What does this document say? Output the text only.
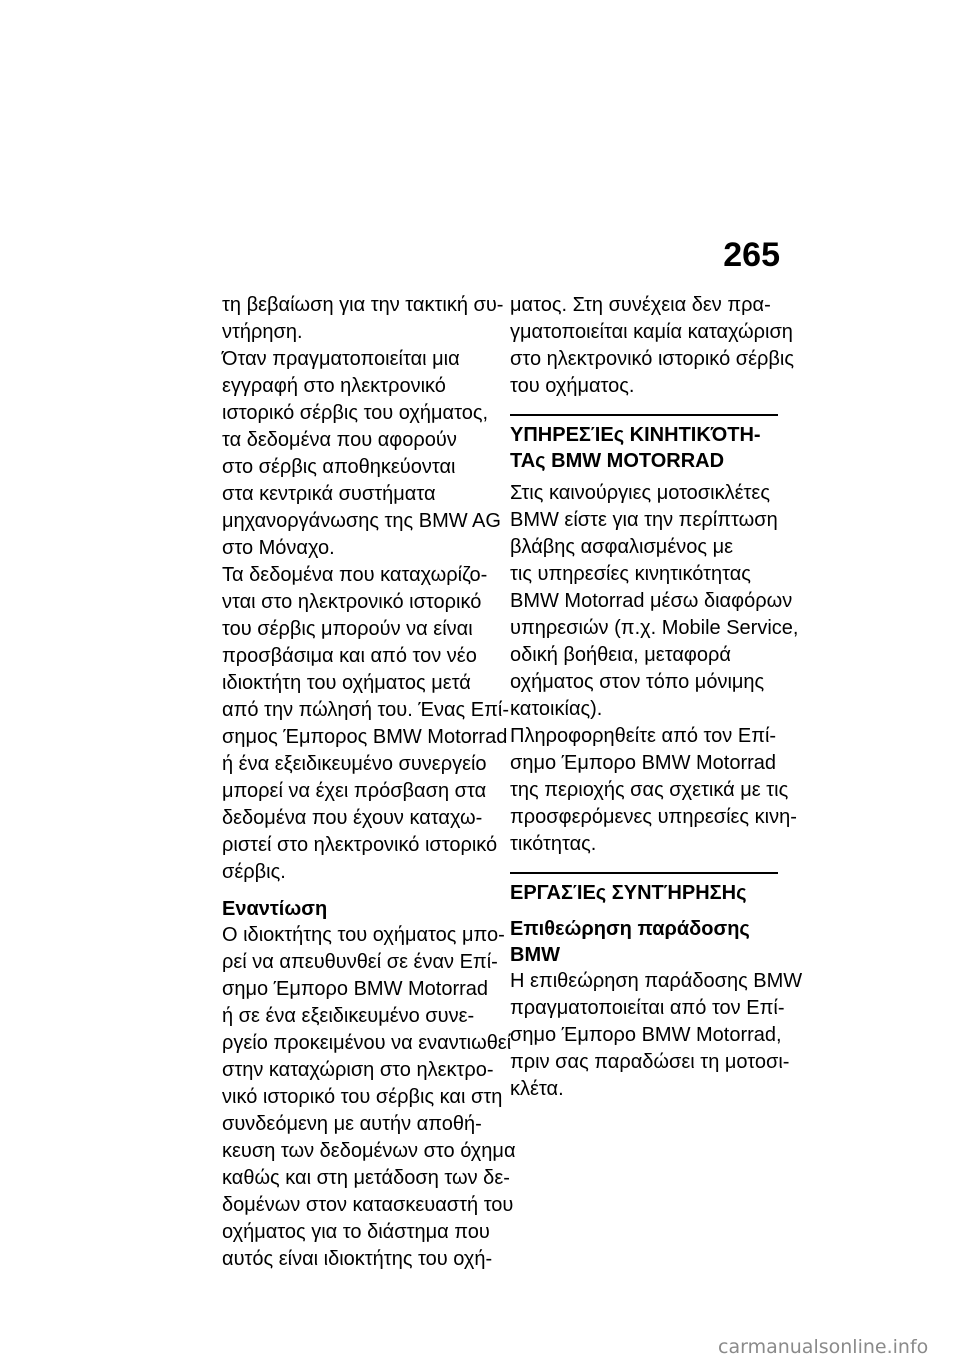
265
τη βεβαίωση για την τακτική συ-
ντήρηση.
Όταν πραγματοποιείται μια
εγγραφή στο ηλεκτρονικό
ιστορικό σέρβις του οχήματος,
τα δεδομένα που αφορούν
στο σέρβις αποθηκεύονται
στα κεντρικά συστήματα
μηχανοργάνωσης της BMW AG
στο Μόναχο.
Τα δεδομένα που καταχωρίζο-
νται στο ηλεκτρονικό ιστορικό
του σέρβις μπορούν να είναι
προσβάσιμα και από τον νέο
ιδιοκτήτη του οχήματος μετά
από την πώλησή του. Ένας Επί-
σημος Έμπορος BMW Motorrad
ή ένα εξειδικευμένο συνεργείο
μπορεί να έχει πρόσβαση στα
δεδομένα που έχουν καταχω-
ριστεί στο ηλεκτρονικό ιστορικό
σέρβις.
Εναντίωση
Ο ιδιοκτήτης του οχήματος μπο-
ρεί να απευθυνθεί σε έναν Επί-
σημο Έμπορο BMW Motorrad
ή σε ένα εξειδικευμένο συνε-
ργείο προκειμένου να εναντιωθεί
στην καταχώριση στο ηλεκτρο-
νικό ιστορικό του σέρβις και στη
συνδεόμενη με αυτήν αποθή-
κευση των δεδομένων στο όχημα
καθώς και στη μετάδοση των δε-
δομένων στον κατασκευαστή του
οχήματος για το διάστημα που
αυτός είναι ιδιοκτήτης του οχή-
ματος. Στη συνέχεια δεν πρα-
γματοποιείται καμία καταχώριση
στο ηλεκτρονικό ιστορικό σέρβις
του οχήματος.
ΥΠΗΡΕΣΊΕς ΚΙΝΗΤΙΚΌΤΗ-
ΤΑς BMW MOTORRAD
Στις καινούργιες μοτοσικλέτες
BMW είστε για την περίπτωση
βλάβης ασφαλισμένος με
τις υπηρεσίες κινητικότητας
BMW Motorrad μέσω διαφόρων
υπηρεσιών (π.χ. Mobile Service,
οδική βοήθεια, μεταφορά
οχήματος στον τόπο μόνιμης
κατοικίας).
Πληροφορηθείτε από τον Επί-
σημο Έμπορο BMW Motorrad
της περιοχής σας σχετικά με τις
προσφερόμενες υπηρεσίες κινη-
τικότητας.
ΕΡΓΑΣΊΕς ΣΥΝΤΉΡΗΣΗς
Επιθεώρηση παράδοσης
BMW
Η επιθεώρηση παράδοσης BMW
πραγματοποιείται από τον Επί-
σημο Έμπορο BMW Motorrad,
πριν σας παραδώσει τη μοτοσι-
κλέτα.
carmanualsonline.info
